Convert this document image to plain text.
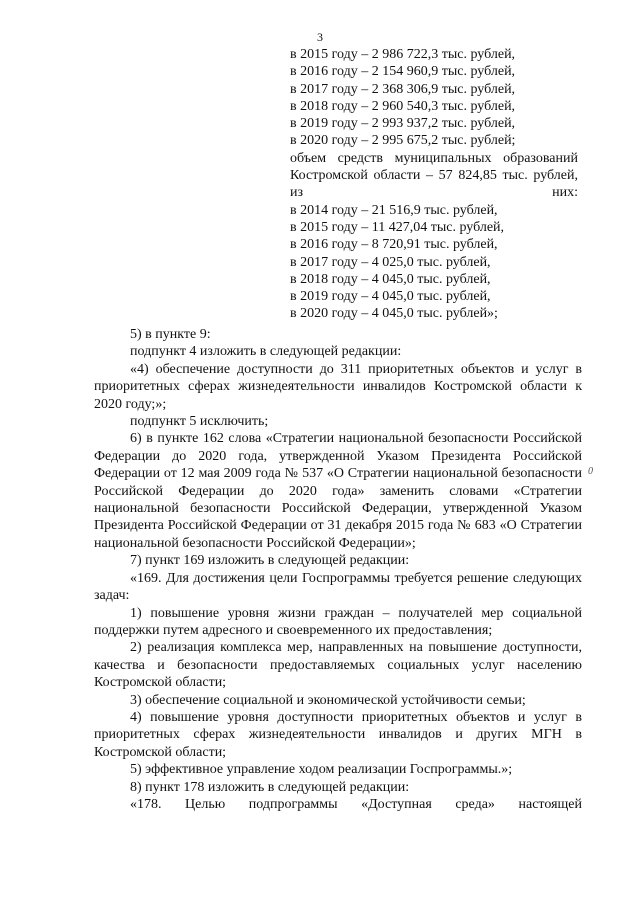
3
0
в 2015 году – 2 986 722,3 тыс. рублей,
в 2016 году – 2 154 960,9 тыс. рублей,
в 2017 году – 2 368 306,9 тыс. рублей,
в 2018 году – 2 960 540,3 тыс. рублей,
в 2019 году – 2 993 937,2 тыс. рублей,
в 2020 году – 2 995 675,2 тыс. рублей;
объем средств муниципальных образований Костромской области – 57 824,85 тыс. рублей, из них:
в 2014 году – 21 516,9 тыс. рублей,
в 2015 году – 11 427,04 тыс. рублей,
в 2016 году – 8 720,91 тыс. рублей,
в 2017 году – 4 025,0 тыс. рублей,
в 2018 году – 4 045,0 тыс. рублей,
в 2019 году – 4 045,0 тыс. рублей,
в 2020 году – 4 045,0 тыс. рублей»;

5) в пункте 9:

подпункт 4 изложить в следующей редакции:

«4) обеспечение доступности до 311 приоритетных объектов и услуг в приоритетных сферах жизнедеятельности инвалидов Костромской области к 2020 году;»;

подпункт 5 исключить;

6) в пункте 162 слова «Стратегии национальной безопасности Российской Федерации до 2020 года, утвержденной Указом Президента Российской Федерации от 12 мая 2009 года № 537 «О Стратегии национальной безопасности Российской Федерации до 2020 года» заменить словами «Стратегии национальной безопасности Российской Федерации, утвержденной Указом Президента Российской Федерации от 31 декабря 2015 года № 683 «О Стратегии национальной безопасности Российской Федерации»;

7) пункт 169 изложить в следующей редакции:

«169. Для достижения цели Госпрограммы требуется решение следующих задач:

1) повышение уровня жизни граждан – получателей мер социальной поддержки путем адресного и своевременного их предоставления;

2) реализация комплекса мер, направленных на повышение доступности, качества и безопасности предоставляемых социальных услуг населению Костромской области;

3) обеспечение социальной и экономической устойчивости семьи;

4) повышение уровня доступности приоритетных объектов и услуг в приоритетных сферах жизнедеятельности инвалидов и других МГН в Костромской области;

5) эффективное управление ходом реализации Госпрограммы.»;

8) пункт 178 изложить в следующей редакции:

«178. Целью подпрограммы «Доступная среда» настоящей
